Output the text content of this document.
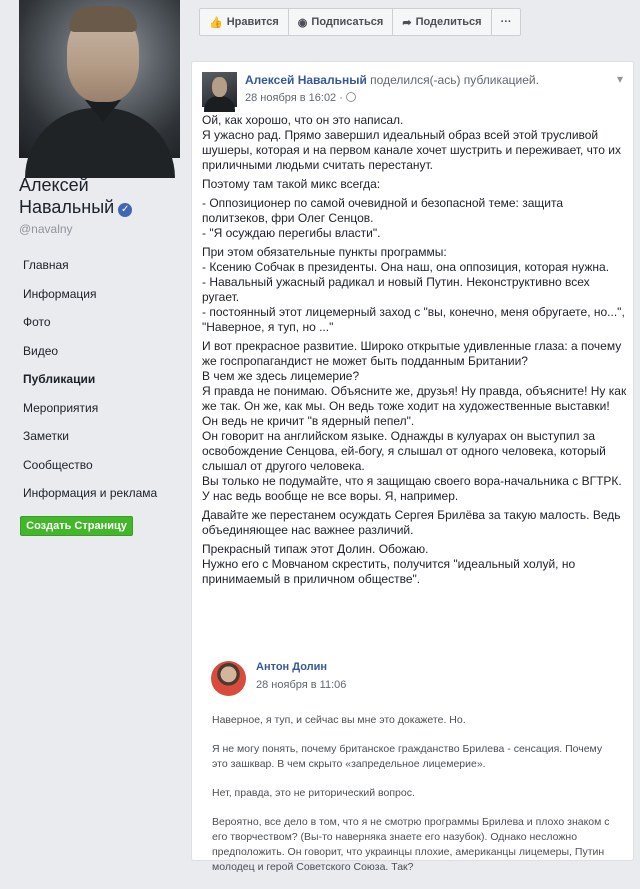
Алексей Навальный ✓
@navalny
Главная
Информация
Фото
Видео
Публикации
Мероприятия
Заметки
Сообщество
Информация и реклама
Создать Страницу
👍 Нравится ◉ Подписаться ➦ Поделиться	···
Алексей Навальный поделился(-ась) публикацией.
28 ноября в 16:02 ·
▾

Ой, как хорошо, что он это написал.
Я ужасно рад. Прямо завершил идеальный образ всей этой трусливой шушеры, которая и на первом канале хочет шустрить и переживает, что их приличными людьми считать перестанут.

Поэтому там такой микс всегда:

- Оппозиционер по самой очевидной и безопасной теме: защита политзеков, фри Олег Сенцов.
- "Я осуждаю перегибы власти".

При этом обязательные пункты программы:
- Ксению Собчак в президенты. Она наш, она оппозиция, которая нужна.
- Навальный ужасный радикал и новый Путин. Неконструктивно всех ругает.
- постоянный этот лицемерный заход с "вы, конечно, меня обругаете, но...", "Наверное, я туп, но ..."

И вот прекрасное развитие. Широко открытые удивленные глаза: а почему же госпропагандист не может быть подданным Британии?
В чем же здесь лицемерие?
Я правда не понимаю. Объясните же, друзья! Ну правда, объясните! Ну как же так. Он же, как мы. Он ведь тоже ходит на художественные выставки! Он ведь не кричит "в ядерный пепел".
Он говорит на английском языке. Однажды в кулуарах он выступил за освобождение Сенцова, ей-богу, я слышал от одного человека, который слышал от другого человека.
Вы только не подумайте, что я защищаю своего вора-начальника с ВГТРК. У нас ведь вообще не все воры. Я, например.

Давайте же перестанем осуждать Сергея Брилёва за такую малость. Ведь объединяющее нас важнее различий.

Прекрасный типаж этот Долин. Обожаю.
Нужно его с Мовчаном скрестить, получится "идеальный холуй, но принимаемый в приличном обществе".

Антон Долин
28 ноября в 11:06

Наверное, я туп, и сейчас вы мне это докажете. Но.

Я не могу понять, почему британское гражданство Брилева - сенсация. Почему это зашквар. В чем скрыто «запредельное лицемерие».

Нет, правда, это не риторический вопрос.

Вероятно, все дело в том, что я не смотрю программы Брилева и плохо знаком с его творчеством? (Вы-то наверняка знаете его назубок). Однако несложно предположить. Он говорит, что украинцы плохие, американцы лицемеры, Путин молодец и герой Советского Союза. Так?
